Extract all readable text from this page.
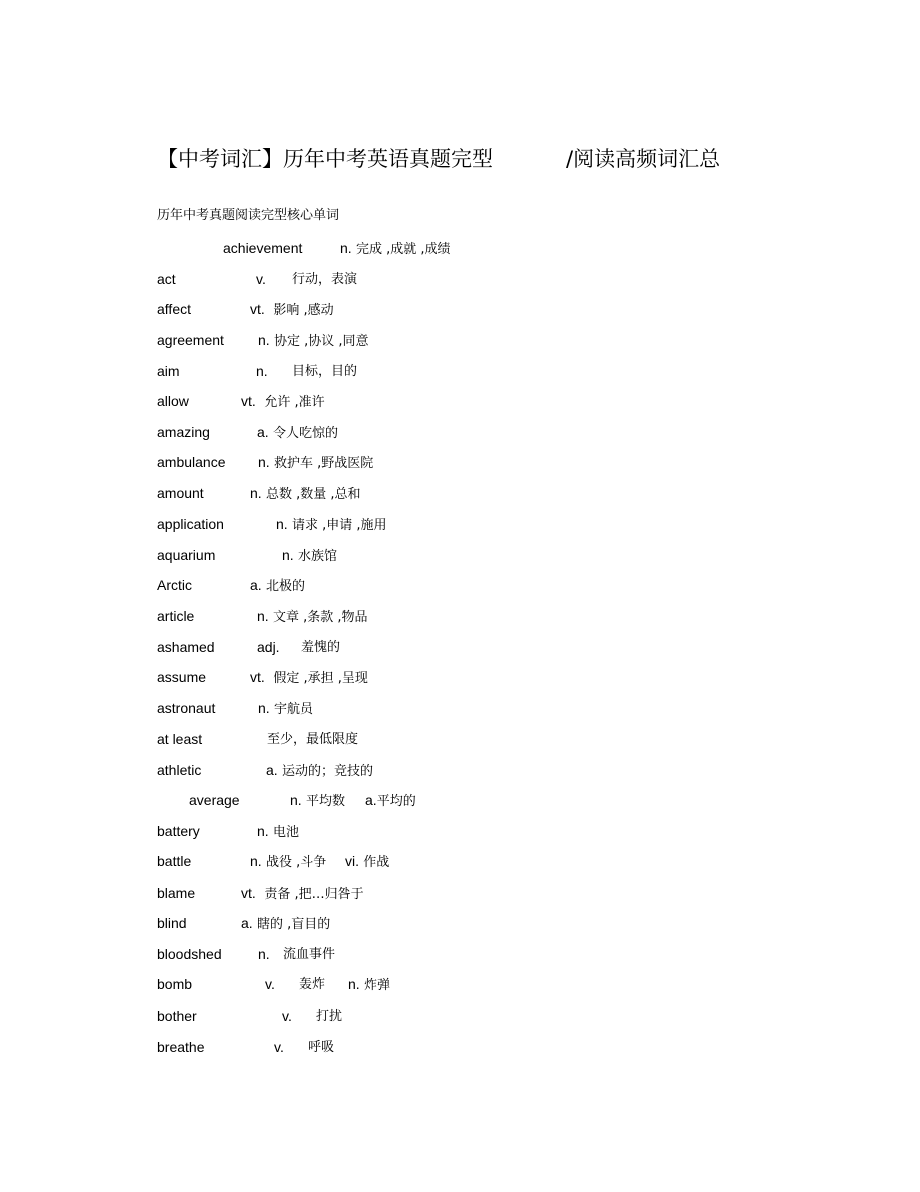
【中考词汇】历年中考英语真题完型	/阅读高频词汇总
历年中考真题阅读完型核心单词
achievement	n. 完成 ,成就 ,成绩
act	v. 行动，表演
affect	vt. 影响 ,感动
agreement n. 协定 ,协议 ,同意
aim	n. 目标，目的
allow	vt. 允许 ,准许
amazing	a. 令人吃惊的
ambulance n. 救护车 ,野战医院
amount	n. 总数 ,数量 ,总和
application	n. 请求 ,申请 ,施用
aquarium	n. 水族馆
Arctic	a. 北极的
article	n. 文章 ,条款 ,物品
ashamed	adj. 羞愧的
assume	vt. 假定 ,承担 ,呈现
astronaut	n. 宇航员
at least	至少，最低限度
athletic	a. 运动的；竞技的
average	n. 平均数 a.平均的
battery	n. 电池
battle	n. 战役 ,斗争 vi. 作战
blame	vt. 责备 ,把…归咎于
blind	a. 瞎的 ,盲目的
bloodshed	n. 流血事件
bomb	v. 轰炸 n. 炸弹
bother	v. 打扰
breathe	v. 呼吸
